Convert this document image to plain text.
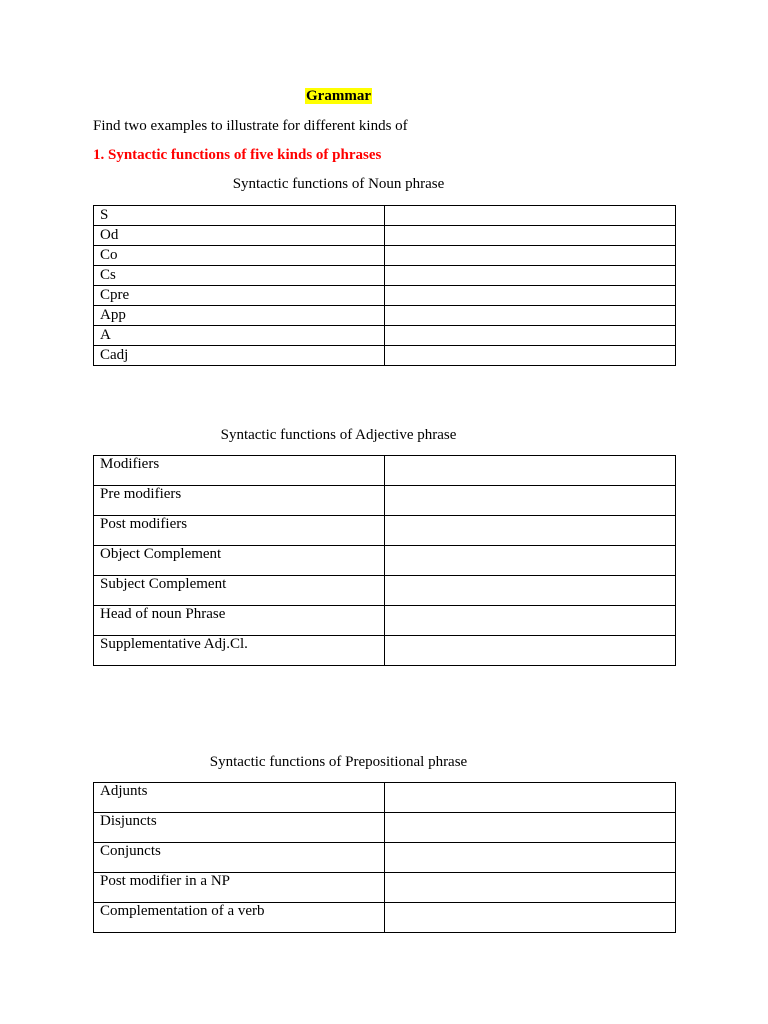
Grammar
Find two examples to illustrate for different kinds of
1. Syntactic functions of five kinds of phrases
Syntactic functions of Noun phrase
S	
Od	
Co	
Cs	
Cpre	
App	
A	
Cadj	
Syntactic functions of Adjective phrase
Modifiers	
Pre modifiers	
Post modifiers	
Object Complement	
Subject Complement	
Head of noun Phrase	
Supplementative Adj.Cl.	
Syntactic functions of Prepositional phrase
Adjunts	
Disjuncts	
Conjuncts	
Post modifier in a NP	
Complementation of a verb	
